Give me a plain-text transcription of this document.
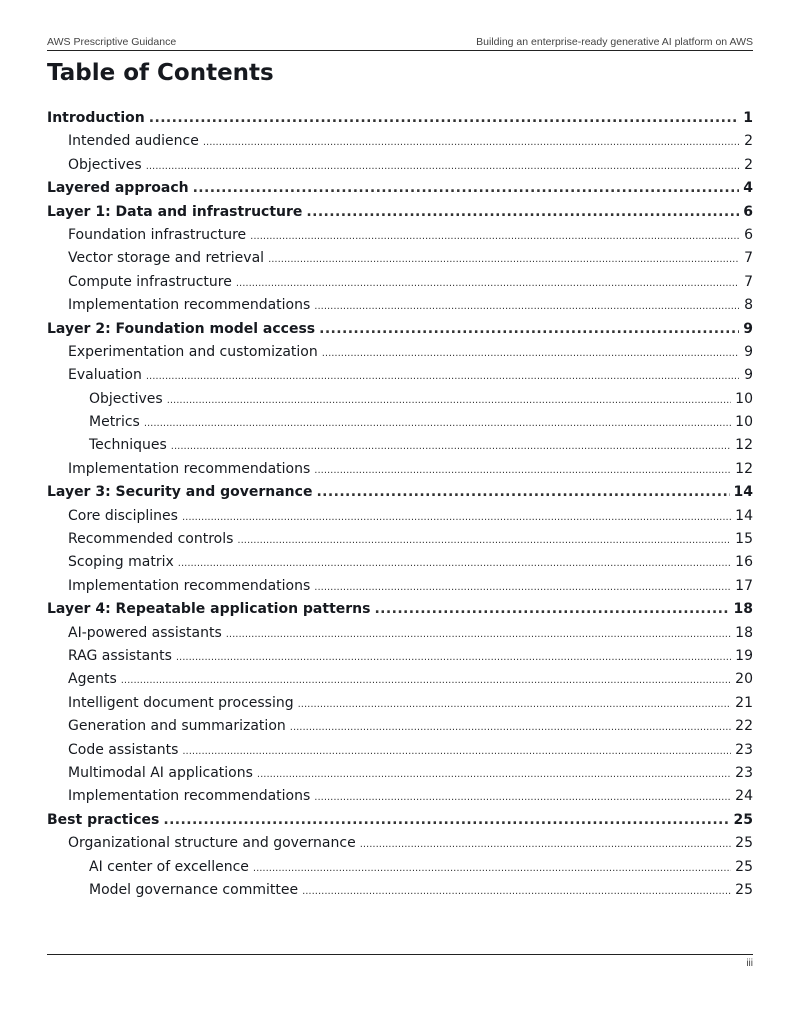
AWS Prescriptive Guidance	Building an enterprise-ready generative AI platform on AWS
Table of Contents
Introduction .....	1
Intended audience .....	2
Objectives .....	2
Layered approach .....	4
Layer 1: Data and infrastructure .....	6
Foundation infrastructure .....	6
Vector storage and retrieval .....	7
Compute infrastructure .....	7
Implementation recommendations .....	8
Layer 2: Foundation model access .....	9
Experimentation and customization .....	9
Evaluation .....	9
Objectives .....	10
Metrics .....	10
Techniques .....	12
Implementation recommendations .....	12
Layer 3: Security and governance .....	14
Core disciplines .....	14
Recommended controls .....	15
Scoping matrix .....	16
Implementation recommendations .....	17
Layer 4: Repeatable application patterns .....	18
AI-powered assistants .....	18
RAG assistants .....	19
Agents .....	20
Intelligent document processing .....	21
Generation and summarization .....	22
Code assistants .....	23
Multimodal AI applications .....	23
Implementation recommendations .....	24
Best practices .....	25
Organizational structure and governance .....	25
AI center of excellence .....	25
Model governance committee .....	25
iii
